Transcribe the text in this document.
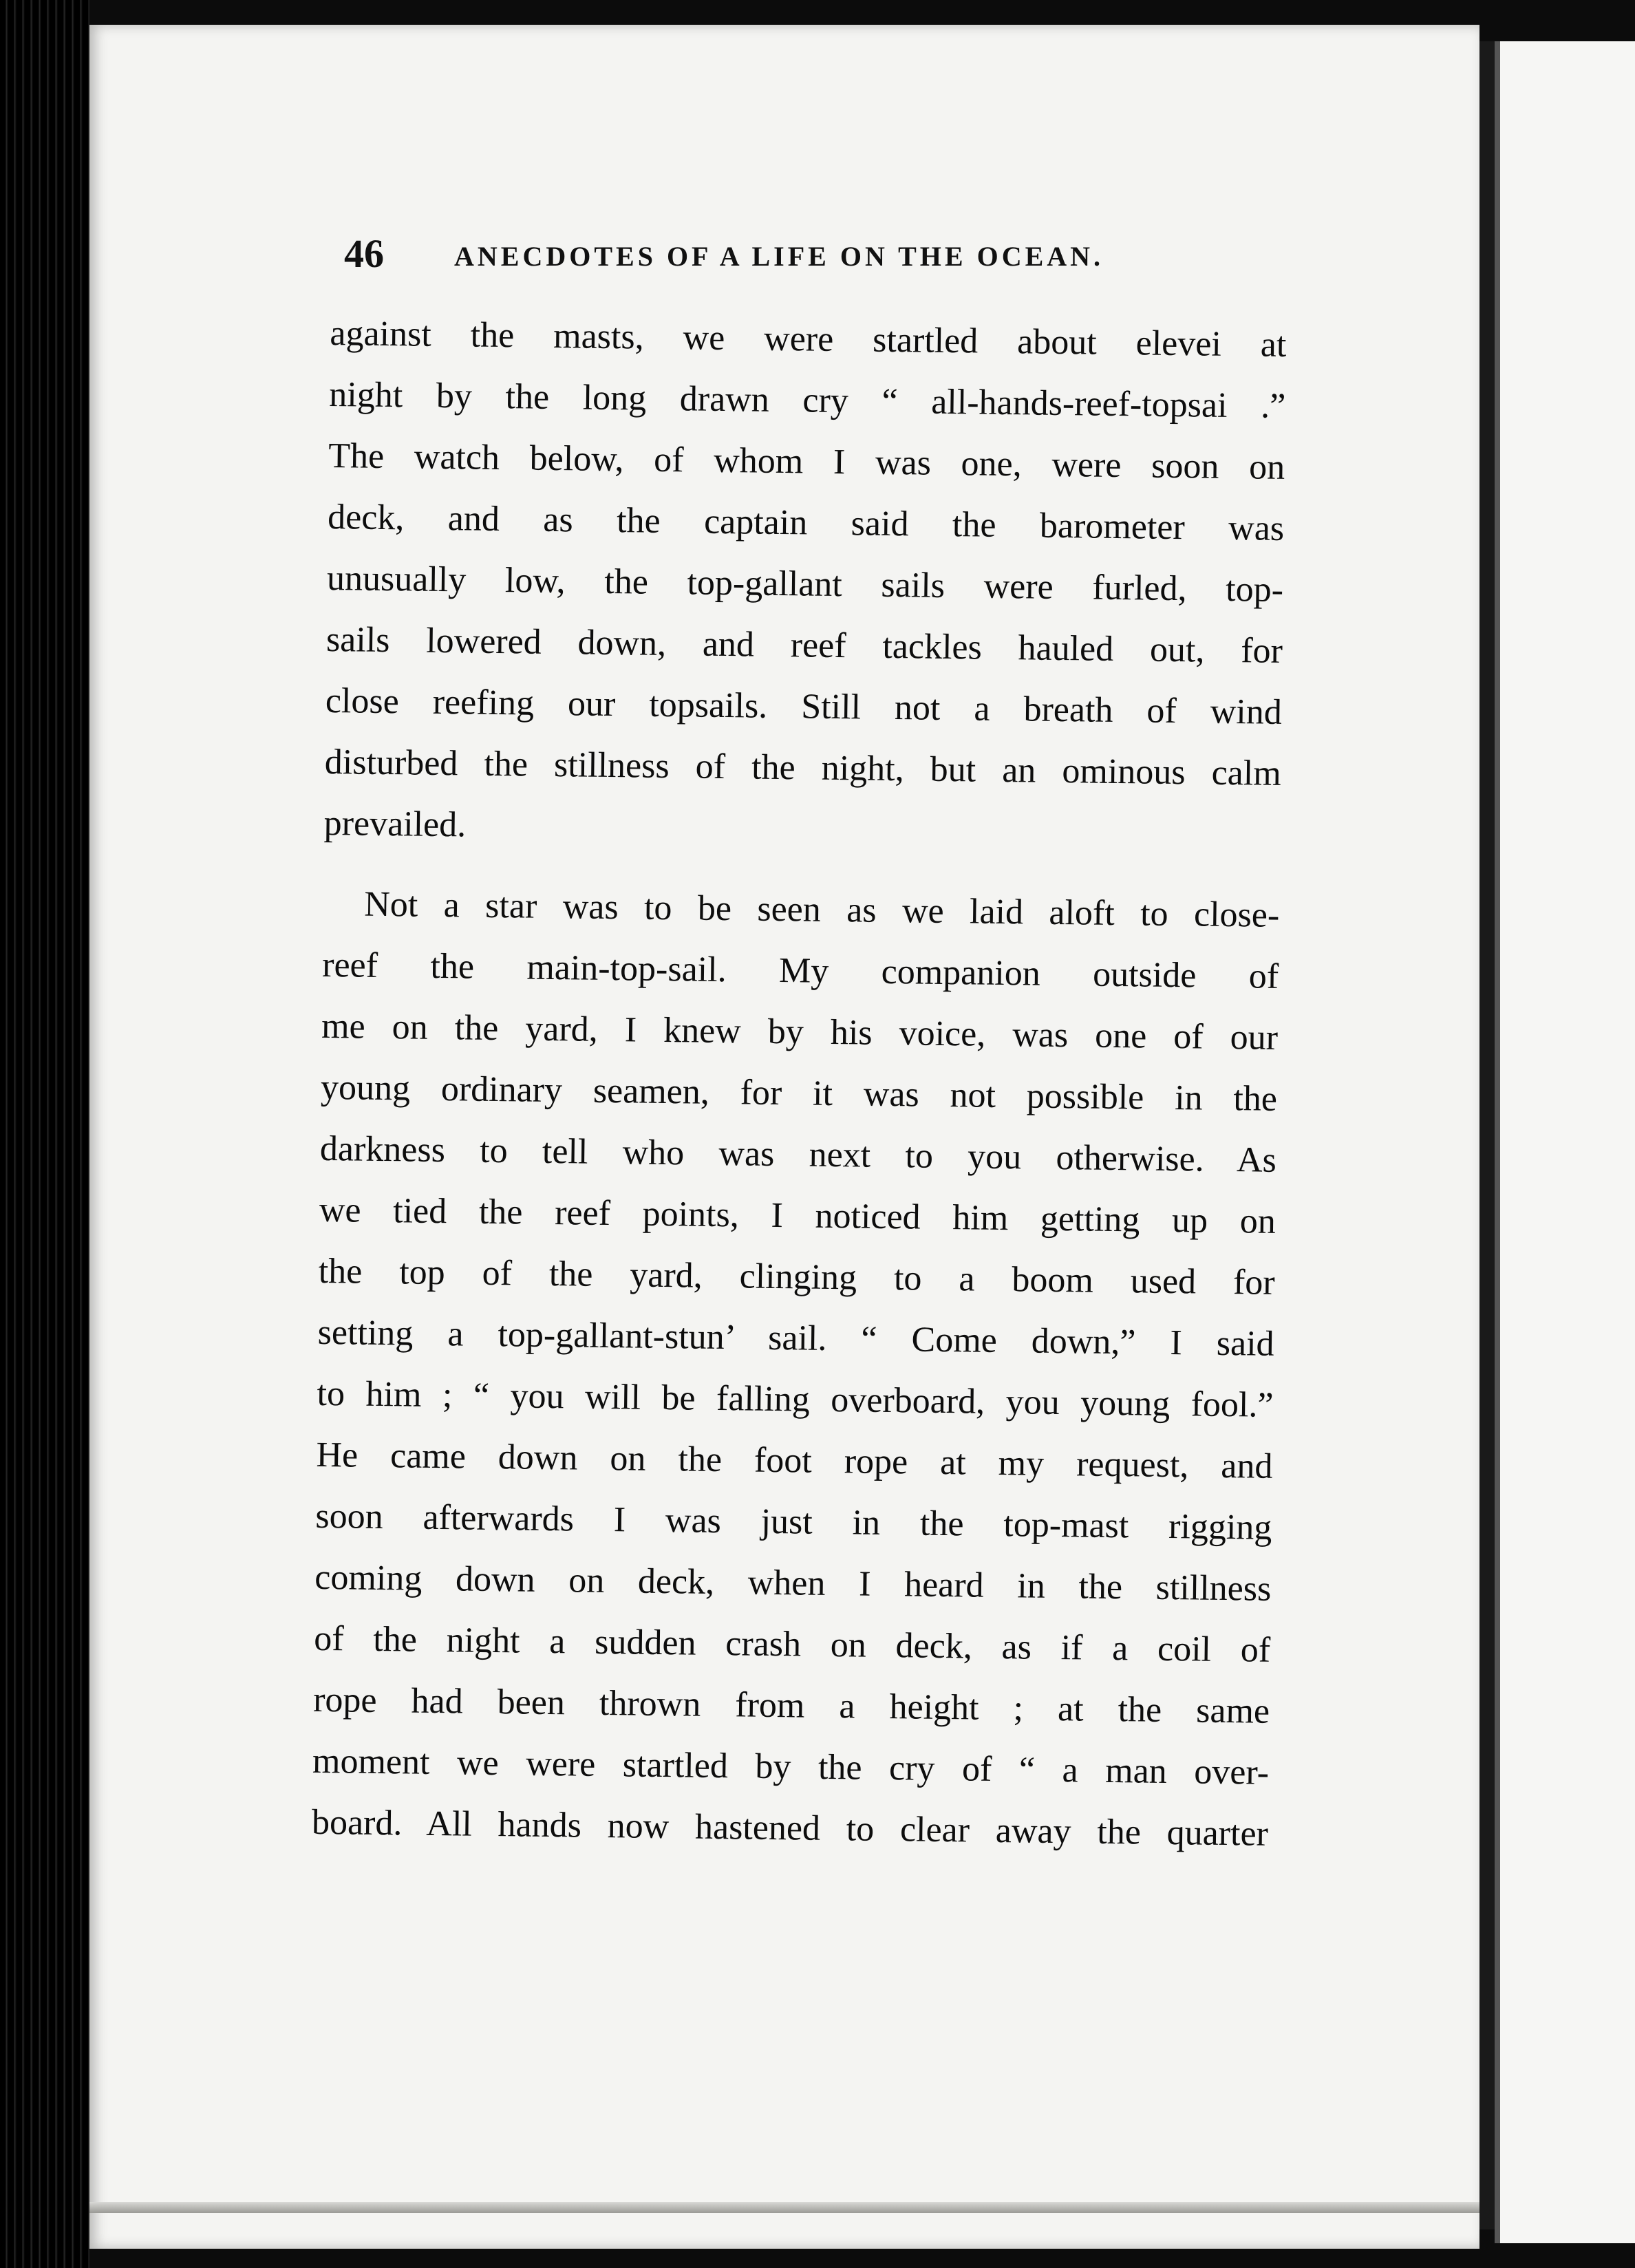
46	ANECDOTES OF A LIFE ON THE OCEAN.
against the masts, we were startled about elevei at
night by the long drawn cry “ all-hands-reef-topsai .”
The watch below, of whom I was one, were soon on
deck, and as the captain said the barometer was
unusually low, the top-gallant sails were furled, top-
sails lowered down, and reef tackles hauled out, for
close reefing our topsails. Still not a breath of wind
disturbed the stillness of the night, but an ominous calm
prevailed.
Not a star was to be seen as we laid aloft to close-
reef the main-top-sail. My companion outside of
me on the yard, I knew by his voice, was one of our
young ordinary seamen, for it was not possible in the
darkness to tell who was next to you otherwise. As
we tied the reef points, I noticed him getting up on
the top of the yard, clinging to a boom used for
setting a top-gallant-stun’ sail. “ Come down,” I said
to him ; “ you will be falling overboard, you young fool.”
He came down on the foot rope at my request, and
soon afterwards I was just in the top-mast rigging
coming down on deck, when I heard in the stillness
of the night a sudden crash on deck, as if a coil of
rope had been thrown from a height ; at the same
moment we were startled by the cry of “ a man over-
board. All hands now hastened to clear away the quarter
